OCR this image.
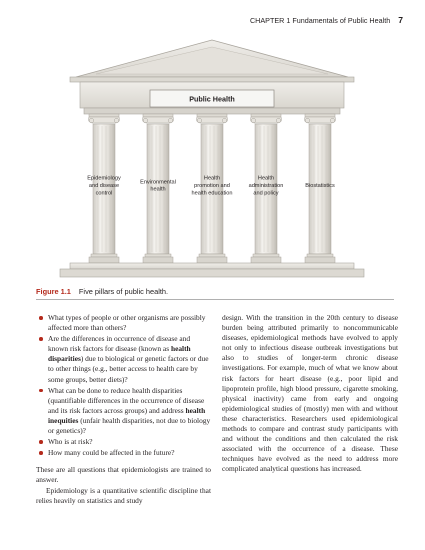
CHAPTER 1 Fundamentals of Public Health 7
Public Health
Epidemiology and disease control
Environmental health
Health promotion and health education
Health administration and policy
Biostatistics
Figure 1.1 Five pillars of public health.
What types of people or other organisms are possibly affected more than others?
Are the differences in occurrence of disease and known risk factors for disease (known as health disparities) due to biological or genetic factors or due to other things (e.g., better access to health care by some groups, better diets)?
What can be done to reduce health disparities (quantifiable differences in the occurrence of disease and its risk factors across groups) and address health inequities (unfair health disparities, not due to biology or genetics)?
Who is at risk?
How many could be affected in the future?

These are all questions that epidemiologists are trained to answer.

Epidemiology is a quantitative scientific discipline that relies heavily on statistics and study

design. With the transition in the 20th century to disease burden being attributed primarily to noncommunicable diseases, epidemiological methods have evolved to apply not only to infectious disease outbreak investigations but also to studies of longer-term chronic disease investigations. For example, much of what we know about risk factors for heart disease (e.g., poor lipid and lipoprotein profile, high blood pressure, cigarette smoking, physical inactivity) came from early and ongoing epidemiological studies of (mostly) men with and without these characteristics. Researchers used epidemiological methods to compare and contrast study participants with and without the conditions and then calculated the risk associated with the occurrence of a disease. These techniques have evolved as the need to address more complicated analytical questions has increased.
